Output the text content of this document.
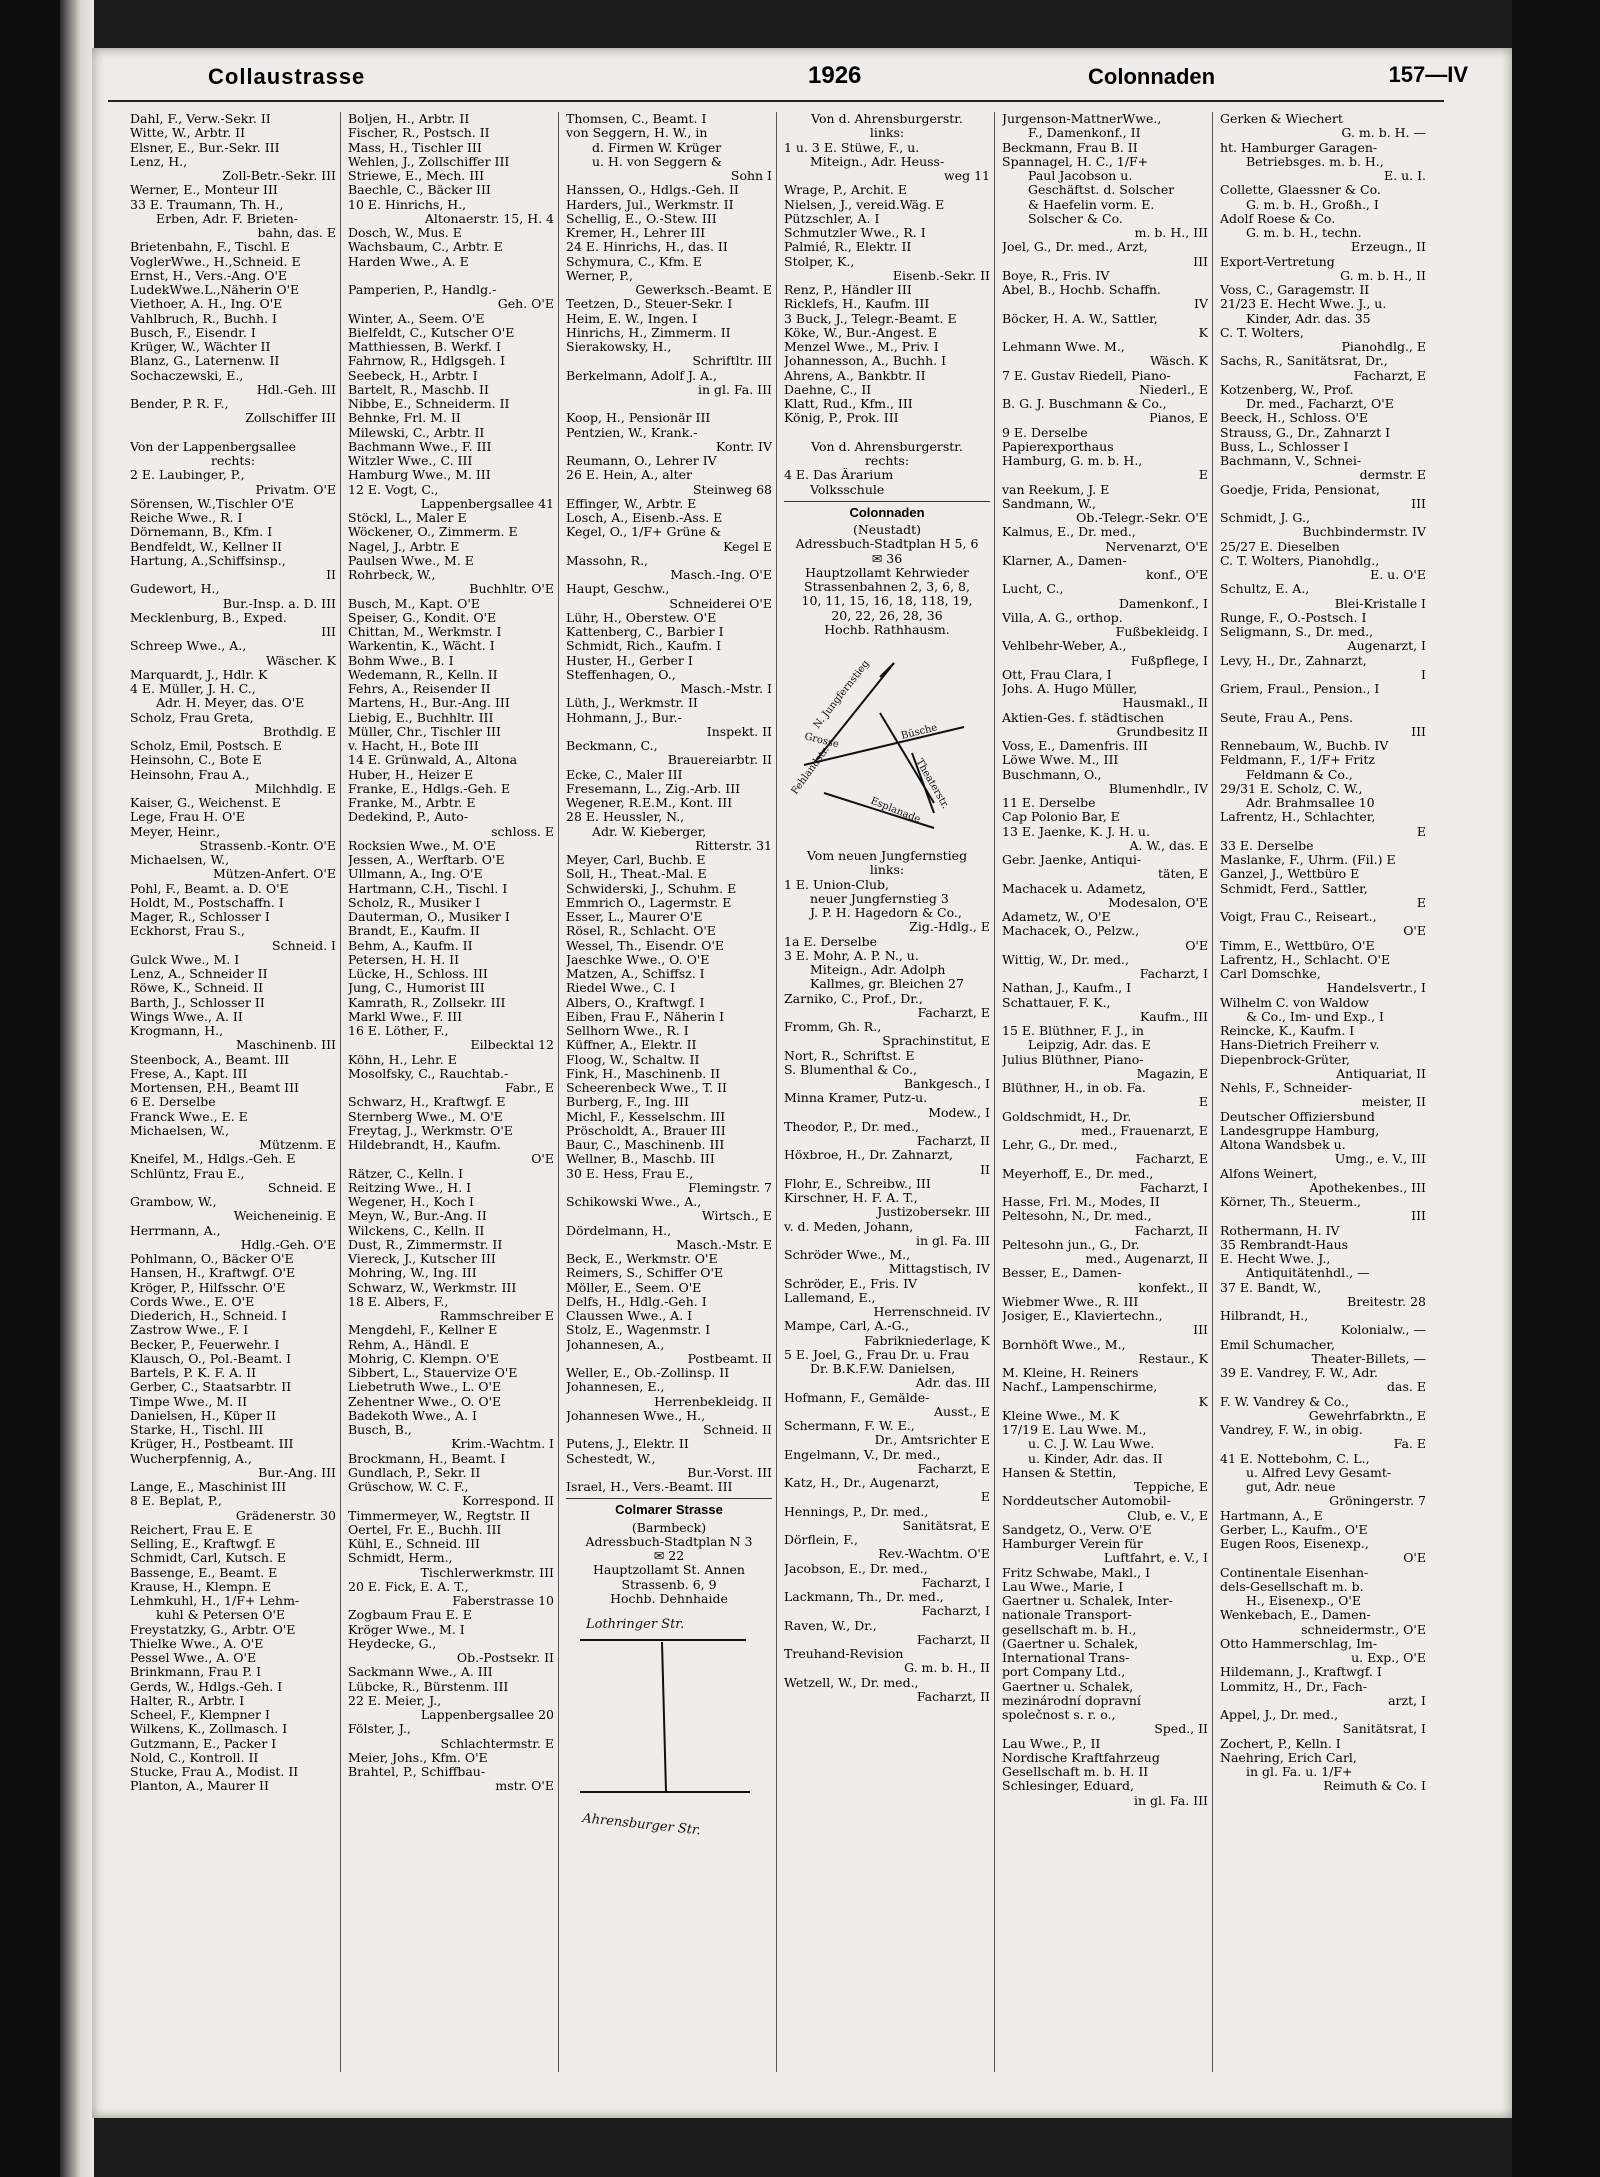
Collaustrasse	1926	Colonnaden	157—IV
Dahl, F., Verw.-Sekr. II
Witte, W., Arbtr. II
Elsner, E., Bur.-Sekr. III
Lenz, H.,
Zoll-Betr.-Sekr. III
Werner, E., Monteur III
33 E. Traumann, Th. H.,
Erben, Adr. F. Brieten-
bahn, das. E
Brietenbahn, F., Tischl. E
VoglerWwe., H.,Schneid. E
Ernst, H., Vers.-Ang. O'E
LudekWwe.L.,Näherin O'E
Viethoer, A. H., Ing. O'E
Vahlbruch, R., Buchh. I
Busch, F., Eisendr. I
Krüger, W., Wächter II
Blanz, G., Laternenw. II
Sochaczewski, E.,
Hdl.-Geh. III
Bender, P. R. F.,
Zollschiffer III
Von der Lappenbergsallee
rechts:
2 E. Laubinger, P.,
Privatm. O'E
Sörensen, W.,Tischler O'E
Reiche Wwe., R. I
Dörnemann, B., Kfm. I
Bendfeldt, W., Kellner II
Hartung, A.,Schiffsinsp.,
II
Gudewort, H.,
Bur.-Insp. a. D. III
Mecklenburg, B., Exped.
III
Schreep Wwe., A.,
Wäscher. K
Marquardt, J., Hdlr. K
4 E. Müller, J. H. C.,
Adr. H. Meyer, das. O'E
Scholz, Frau Greta,
Brothdlg. E
Scholz, Emil, Postsch. E
Heinsohn, C., Bote E
Heinsohn, Frau A.,
Milchhdlg. E
Kaiser, G., Weichenst. E
Lege, Frau H. O'E
Meyer, Heinr.,
Strassenb.-Kontr. O'E
Michaelsen, W.,
Mützen-Anfert. O'E
Pohl, F., Beamt. a. D. O'E
Holdt, M., Postschaffn. I
Mager, R., Schlosser I
Eckhorst, Frau S.,
Schneid. I
Gulck Wwe., M. I
Lenz, A., Schneider II
Röwe, K., Schneid. II
Barth, J., Schlosser II
Wings Wwe., A. II
Krogmann, H.,
Maschinenb. III
Steenbock, A., Beamt. III
Frese, A., Kapt. III
Mortensen, P.H., Beamt III
6 E. Derselbe
Franck Wwe., E. E
Michaelsen, W.,
Mützenm. E
Kneifel, M., Hdlgs.-Geh. E
Schlüntz, Frau E.,
Schneid. E
Grambow, W.,
Weicheneinig. E
Herrmann, A.,
Hdlg.-Geh. O'E
Pohlmann, O., Bäcker O'E
Hansen, H., Kraftwgf. O'E
Kröger, P., Hilfsschr. O'E
Cords Wwe., E. O'E
Diederich, H., Schneid. I
Zastrow Wwe., F. I
Becker, P., Feuerwehr. I
Klausch, O., Pol.-Beamt. I
Bartels, P. K. F. A. II
Gerber, C., Staatsarbtr. II
Timpe Wwe., M. II
Danielsen, H., Küper II
Starke, H., Tischl. III
Krüger, H., Postbeamt. III
Wucherpfennig, A.,
Bur.-Ang. III
Lange, E., Maschinist III
8 E. Beplat, P.,
Grädenerstr. 30
Reichert, Frau E. E
Selling, E., Kraftwgf. E
Schmidt, Carl, Kutsch. E
Bassenge, E., Beamt. E
Krause, H., Klempn. E
Lehmkuhl, H., 1/F+ Lehm-
kuhl & Petersen O'E
Freystatzky, G., Arbtr. O'E
Thielke Wwe., A. O'E
Pessel Wwe., A. O'E
Brinkmann, Frau P. I
Gerds, W., Hdlgs.-Geh. I
Halter, R., Arbtr. I
Scheel, F., Klempner I
Wilkens, K., Zollmasch. I
Gutzmann, E., Packer I
Nold, C., Kontroll. II
Stucke, Frau A., Modist. II
Planton, A., Maurer II
Boljen, H., Arbtr. II
Fischer, R., Postsch. II
Mass, H., Tischler III
Wehlen, J., Zollschiffer III
Striewe, E., Mech. III
Baechle, C., Bäcker III
10 E. Hinrichs, H.,
Altonaerstr. 15, H. 4
Dosch, W., Mus. E
Wachsbaum, C., Arbtr. E
Harden Wwe., A. E
Pamperien, P., Handlg.-
Geh. O'E
Winter, A., Seem. O'E
Bielfeldt, C., Kutscher O'E
Matthiessen, B. Werkf. I
Fahrnow, R., Hdlgsgeh. I
Seebeck, H., Arbtr. I
Bartelt, R., Maschb. II
Nibbe, E., Schneiderm. II
Behnke, Frl. M. II
Milewski, C., Arbtr. II
Bachmann Wwe., F. III
Witzler Wwe., C. III
Hamburg Wwe., M. III
12 E. Vogt, C.,
Lappenbergsallee 41
Stöckl, L., Maler E
Wöckener, O., Zimmerm. E
Nagel, J., Arbtr. E
Paulsen Wwe., M. E
Rohrbeck, W.,
Buchhltr. O'E
Busch, M., Kapt. O'E
Speiser, G., Kondit. O'E
Chittan, M., Werkmstr. I
Warkentin, K., Wächt. I
Bohm Wwe., B. I
Wedemann, R., Kelln. II
Fehrs, A., Reisender II
Martens, H., Bur.-Ang. III
Liebig, E., Buchhltr. III
Müller, Chr., Tischler III
v. Hacht, H., Bote III
14 E. Grünwald, A., Altona
Huber, H., Heizer E
Franke, E., Hdlgs.-Geh. E
Franke, M., Arbtr. E
Dedekind, P., Auto-
schloss. E
Rocksien Wwe., M. O'E
Jessen, A., Werftarb. O'E
Ullmann, A., Ing. O'E
Hartmann, C.H., Tischl. I
Scholz, R., Musiker I
Dauterman, O., Musiker I
Brandt, E., Kaufm. II
Behm, A., Kaufm. II
Petersen, H. H. II
Lücke, H., Schloss. III
Jung, C., Humorist III
Kamrath, R., Zollsekr. III
Markl Wwe., F. III
16 E. Löther, F.,
Eilbecktal 12
Köhn, H., Lehr. E
Mosolfsky, C., Rauchtab.-
Fabr., E
Schwarz, H., Kraftwgf. E
Sternberg Wwe., M. O'E
Freytag, J., Werkmstr. O'E
Hildebrandt, H., Kaufm.
O'E
Rätzer, C., Kelln. I
Reitzing Wwe., H. I
Wegener, H., Koch I
Meyn, W., Bur.-Ang. II
Wilckens, C., Kelln. II
Dust, R., Zimmermstr. II
Viereck, J., Kutscher III
Mohring, W., Ing. III
Schwarz, W., Werkmstr. III
18 E. Albers, F.,
Rammschreiber E
Mengdehl, F., Kellner E
Rehm, A., Händl. E
Mohrig, C. Klempn. O'E
Sibbert, L., Stauervize O'E
Liebetruth Wwe., L. O'E
Zehentner Wwe., O. O'E
Badekoth Wwe., A. I
Busch, B.,
Krim.-Wachtm. I
Brockmann, H., Beamt. I
Gundlach, P., Sekr. II
Grüschow, W. C. F.,
Korrespond. II
Timmermeyer, W., Regtstr. II
Oertel, Fr. E., Buchh. III
Kühl, E., Schneid. III
Schmidt, Herm.,
Tischlerwerkmstr. III
20 E. Fick, E. A. T.,
Faberstrasse 10
Zogbaum Frau E. E
Kröger Wwe., M. I
Heydecke, G.,
Ob.-Postsekr. II
Sackmann Wwe., A. III
Lübcke, R., Bürstenm. III
22 E. Meier, J.,
Lappenbergsallee 20
Fölster, J.,
Schlachtermstr. E
Meier, Johs., Kfm. O'E
Brahtel, P., Schiffbau-
mstr. O'E
Thomsen, C., Beamt. I
von Seggern, H. W., in
d. Firmen W. Krüger
u. H. von Seggern &
Sohn I
Hanssen, O., Hdlgs.-Geh. II
Harders, Jul., Werkmstr. II
Schellig, E., O.-Stew. III
Kremer, H., Lehrer III
24 E. Hinrichs, H., das. II
Schymura, C., Kfm. E
Werner, P.,
Gewerksch.-Beamt. E
Teetzen, D., Steuer-Sekr. I
Heim, E. W., Ingen. I
Hinrichs, H., Zimmerm. II
Sierakowsky, H.,
Schriftltr. III
Berkelmann, Adolf J. A.,
in gl. Fa. III
Koop, H., Pensionär III
Pentzien, W., Krank.-
Kontr. IV
Reumann, O., Lehrer IV
26 E. Hein, A., alter
Steinweg 68
Effinger, W., Arbtr. E
Losch, A., Eisenb.-Ass. E
Kegel, O., 1/F+ Grüne &
Kegel E
Massohn, R.,
Masch.-Ing. O'E
Haupt, Geschw.,
Schneiderei O'E
Lühr, H., Oberstew. O'E
Kattenberg, C., Barbier I
Schmidt, Rich., Kaufm. I
Huster, H., Gerber I
Steffenhagen, O.,
Masch.-Mstr. I
Lüth, J., Werkmstr. II
Hohmann, J., Bur.-
Inspekt. II
Beckmann, C.,
Brauereiarbtr. II
Ecke, C., Maler III
Fresemann, L., Zig.-Arb. III
Wegener, R.E.M., Kont. III
28 E. Heussler, N.,
Adr. W. Kieberger,
Ritterstr. 31
Meyer, Carl, Buchb. E
Soll, H., Theat.-Mal. E
Schwiderski, J., Schuhm. E
Emmrich O., Lagermstr. E
Esser, L., Maurer O'E
Rösel, R., Schlacht. O'E
Wessel, Th., Eisendr. O'E
Jaeschke Wwe., O. O'E
Matzen, A., Schiffsz. I
Riedel Wwe., C. I
Albers, O., Kraftwgf. I
Eiben, Frau F., Näherin I
Sellhorn Wwe., R. I
Küffner, A., Elektr. II
Floog, W., Schaltw. II
Fink, H., Maschinenb. II
Scheerenbeck Wwe., T. II
Burberg, F., Ing. III
Michl, F., Kesselschm. III
Pröscholdt, A., Brauer III
Baur, C., Maschinenb. III
Wellner, B., Maschb. III
30 E. Hess, Frau E.,
Flemingstr. 7
Schikowski Wwe., A.,
Wirtsch., E
Dördelmann, H.,
Masch.-Mstr. E
Beck, E., Werkmstr. O'E
Reimers, S., Schiffer O'E
Möller, E., Seem. O'E
Delfs, H., Hdlg.-Geh. I
Claussen Wwe., A. I
Stolz, E., Wagenmstr. I
Johannesen, A.,
Postbeamt. II
Weller, E., Ob.-Zollinsp. II
Johannesen, E.,
Herrenbekleidg. II
Johannesen Wwe., H.,
Schneid. II
Putens, J., Elektr. II
Schestedt, W.,
Bur.-Vorst. III
Israel, H., Vers.-Beamt. III
Colmarer Strasse
(Barmbeck)
Adressbuch-Stadtplan N 3
✉ 22
Hauptzollamt St. Annen
Strassenb. 6, 9
Hochb. Dehnhaide
Lothringer Str.
Ahrensburger Str.
Von d. Ahrensburgerstr.
links:
1 u. 3 E. Stüwe, F., u.
Miteign., Adr. Heuss-
weg 11
Wrage, P., Archit. E
Nielsen, J., vereid.Wäg. E
Pützschler, A. I
Schmutzler Wwe., R. I
Palmié, R., Elektr. II
Stolper, K.,
Eisenb.-Sekr. II
Renz, P., Händler III
Ricklefs, H., Kaufm. III
3 Buck, J., Telegr.-Beamt. E
Köke, W., Bur.-Angest. E
Menzel Wwe., M., Priv. I
Johannesson, A., Buchh. I
Ahrens, A., Bankbtr. II
Daehne, C., II
Klatt, Rud., Kfm., III
König, P., Prok. III
Von d. Ahrensburgerstr.
rechts:
4 E. Das Ärarium
Volksschule
Colonnaden
(Neustadt)
Adressbuch-Stadtplan H 5, 6
✉ 36
Hauptzollamt Kehrwieder
Strassenbahnen 2, 3, 6, 8,
10, 11, 15, 16, 18, 118, 19,
20, 22, 26, 28, 36
Hochb. Rathhausm.
N. Jungfernstieg
Grosse	Büsche
Theaterstr.
Fehlandstr.
Esplanade
Vom neuen Jungfernstieg
links:
1 E. Union-Club,
neuer Jungfernstieg 3
J. P. H. Hagedorn & Co.,
Zig.-Hdlg., E
1a E. Derselbe
3 E. Mohr, A. P. N., u.
Miteign., Adr. Adolph
Kallmes, gr. Bleichen 27
Zarniko, C., Prof., Dr.,
Facharzt, E
Fromm, Gh. R.,
Sprachinstitut, E
Nort, R., Schriftst. E
S. Blumenthal & Co.,
Bankgesch., I
Minna Kramer, Putz-u.
Modew., I
Theodor, P., Dr. med.,
Facharzt, II
Höxbroe, H., Dr. Zahnarzt,
II
Flohr, E., Schreibw., III
Kirschner, H. F. A. T.,
Justizobersekr. III
v. d. Meden, Johann,
in gl. Fa. III
Schröder Wwe., M.,
Mittagstisch, IV
Schröder, E., Fris. IV
Lallemand, E.,
Herrenschneid. IV
Mampe, Carl, A.-G.,
Fabrikniederlage, K
5 E. Joel, G., Frau Dr. u. Frau
Dr. B.K.F.W. Danielsen,
Adr. das. III
Hofmann, F., Gemälde-
Ausst., E
Schermann, F. W. E.,
Dr., Amtsrichter E
Engelmann, V., Dr. med.,
Facharzt, E
Katz, H., Dr., Augenarzt,
E
Hennings, P., Dr. med.,
Sanitätsrat, E
Dörflein, F.,
Rev.-Wachtm. O'E
Jacobson, E., Dr. med.,
Facharzt, I
Lackmann, Th., Dr. med.,
Facharzt, I
Raven, W., Dr.,
Facharzt, II
Treuhand-Revision
G. m. b. H., II
Wetzell, W., Dr. med.,
Facharzt, II
Jurgenson-MattnerWwe.,
F., Damenkonf., II
Beckmann, Frau B. II
Spannagel, H. C., 1/F+
Paul Jacobson u.
Geschäftst. d. Solscher
& Haefelin vorm. E.
Solscher & Co.
m. b. H., III
Joel, G., Dr. med., Arzt,
III
Boye, R., Fris. IV
Abel, B., Hochb. Schaffn.
IV
Böcker, H. A. W., Sattler,
K
Lehmann Wwe. M.,
Wäsch. K
7 E. Gustav Riedell, Piano-
Niederl., E
B. G. J. Buschmann & Co.,
Pianos, E
9 E. Derselbe
Papierexporthaus
Hamburg, G. m. b. H.,
E
van Reekum, J. E
Sandmann, W.,
Ob.-Telegr.-Sekr. O'E
Kalmus, E., Dr. med.,
Nervenarzt, O'E
Klarner, A., Damen-
konf., O'E
Lucht, C.,
Damenkonf., I
Villa, A. G., orthop.
Fußbekleidg. I
Vehlbehr-Weber, A.,
Fußpflege, I
Ott, Frau Clara, I
Johs. A. Hugo Müller,
Hausmakl., II
Aktien-Ges. f. städtischen
Grundbesitz II
Voss, E., Damenfris. III
Löwe Wwe. M., III
Buschmann, O.,
Blumenhdlr., IV
11 E. Derselbe
Cap Polonio Bar, E
13 E. Jaenke, K. J. H. u.
A. W., das. E
Gebr. Jaenke, Antiqui-
täten, E
Machacek u. Adametz,
Modesalon, O'E
Adametz, W., O'E
Machacek, O., Pelzw.,
O'E
Wittig, W., Dr. med.,
Facharzt, I
Nathan, J., Kaufm., I
Schattauer, F. K.,
Kaufm., III
15 E. Blüthner, F. J., in
Leipzig, Adr. das. E
Julius Blüthner, Piano-
Magazin, E
Blüthner, H., in ob. Fa.
E
Goldschmidt, H., Dr.
med., Frauenarzt, E
Lehr, G., Dr. med.,
Facharzt, E
Meyerhoff, E., Dr. med.,
Facharzt, I
Hasse, Frl. M., Modes, II
Peltesohn, N., Dr. med.,
Facharzt, II
Peltesohn jun., G., Dr.
med., Augenarzt, II
Besser, E., Damen-
konfekt., II
Wiebmer Wwe., R. III
Josiger, E., Klaviertechn.,
III
Bornhöft Wwe., M.,
Restaur., K
M. Kleine, H. Reiners
Nachf., Lampenschirme,
K
Kleine Wwe., M. K
17/19 E. Lau Wwe. M.,
u. C. J. W. Lau Wwe.
u. Kinder, Adr. das. II
Hansen & Stettin,
Teppiche, E
Norddeutscher Automobil-
Club, e. V., E
Sandgetz, O., Verw. O'E
Hamburger Verein für
Luftfahrt, e. V., I
Fritz Schwabe, Makl., I
Lau Wwe., Marie, I
Gaertner u. Schalek, Inter-
nationale Transport-
gesellschaft m. b. H.,
(Gaertner u. Schalek,
International Trans-
port Company Ltd.,
Gaertner u. Schalek,
mezinárodní dopravní
společnost s. r. o.,
Sped., II
Lau Wwe., P., II
Nordische Kraftfahrzeug
Gesellschaft m. b. H. II
Schlesinger, Eduard,
in gl. Fa. III
Gerken & Wiechert
G. m. b. H. —
ht. Hamburger Garagen-
Betriebsges. m. b. H.,
E. u. I.
Collette, Glaessner & Co.
G. m. b. H., Großh., I
Adolf Roese & Co.
G. m. b. H., techn.
Erzeugn., II
Export-Vertretung
G. m. b. H., II
Voss, C., Garagemstr. II
21/23 E. Hecht Wwe. J., u.
Kinder, Adr. das. 35
C. T. Wolters,
Pianohdlg., E
Sachs, R., Sanitätsrat, Dr.,
Facharzt, E
Kotzenberg, W., Prof.
Dr. med., Facharzt, O'E
Beeck, H., Schloss. O'E
Strauss, G., Dr., Zahnarzt I
Buss, L., Schlosser I
Bachmann, V., Schnei-
dermstr. E
Goedje, Frida, Pensionat,
III
Schmidt, J. G.,
Buchbindermstr. IV
25/27 E. Dieselben
C. T. Wolters, Pianohdlg.,
E. u. O'E
Schultz, E. A.,
Blei-Kristalle I
Runge, F., O.-Postsch. I
Seligmann, S., Dr. med.,
Augenarzt, I
Levy, H., Dr., Zahnarzt,
I
Griem, Fraul., Pension., I
Seute, Frau A., Pens.
III
Rennebaum, W., Buchb. IV
Feldmann, F., 1/F+ Fritz
Feldmann & Co.,
29/31 E. Scholz, C. W.,
Adr. Brahmsallee 10
Lafrentz, H., Schlachter,
E
33 E. Derselbe
Maslanke, F., Uhrm. (Fil.) E
Ganzel, J., Wettbüro E
Schmidt, Ferd., Sattler,
E
Voigt, Frau C., Reiseart.,
O'E
Timm, E., Wettbüro, O'E
Lafrentz, H., Schlacht. O'E
Carl Domschke,
Handelsvertr., I
Wilhelm C. von Waldow
& Co., Im- und Exp., I
Reincke, K., Kaufm. I
Hans-Dietrich Freiherr v.
Diepenbrock-Grüter,
Antiquariat, II
Nehls, F., Schneider-
meister, II
Deutscher Offiziersbund
Landesgruppe Hamburg,
Altona Wandsbek u.
Umg., e. V., III
Alfons Weinert,
Apothekenbes., III
Körner, Th., Steuerm.,
III
Rothermann, H. IV
35 Rembrandt-Haus
E. Hecht Wwe. J.,
Antiquitätenhdl., —
37 E. Bandt, W.,
Breitestr. 28
Hilbrandt, H.,
Kolonialw., —
Emil Schumacher,
Theater-Billets, —
39 E. Vandrey, F. W., Adr.
das. E
F. W. Vandrey & Co.,
Gewehrfabrktn., E
Vandrey, F. W., in obig.
Fa. E
41 E. Nottebohm, C. L.,
u. Alfred Levy Gesamt-
gut, Adr. neue
Gröningerstr. 7
Hartmann, A., E
Gerber, L., Kaufm., O'E
Eugen Roos, Eisenexp.,
O'E
Continentale Eisenhan-
dels-Gesellschaft m. b.
H., Eisenexp., O'E
Wenkebach, E., Damen-
schneidermstr., O'E
Otto Hammerschlag, Im-
u. Exp., O'E
Hildemann, J., Kraftwgf. I
Lommitz, H., Dr., Fach-
arzt, I
Appel, J., Dr. med.,
Sanitätsrat, I
Zochert, P., Kelln. I
Naehring, Erich Carl,
in gl. Fa. u. 1/F+
Reimuth & Co. I
